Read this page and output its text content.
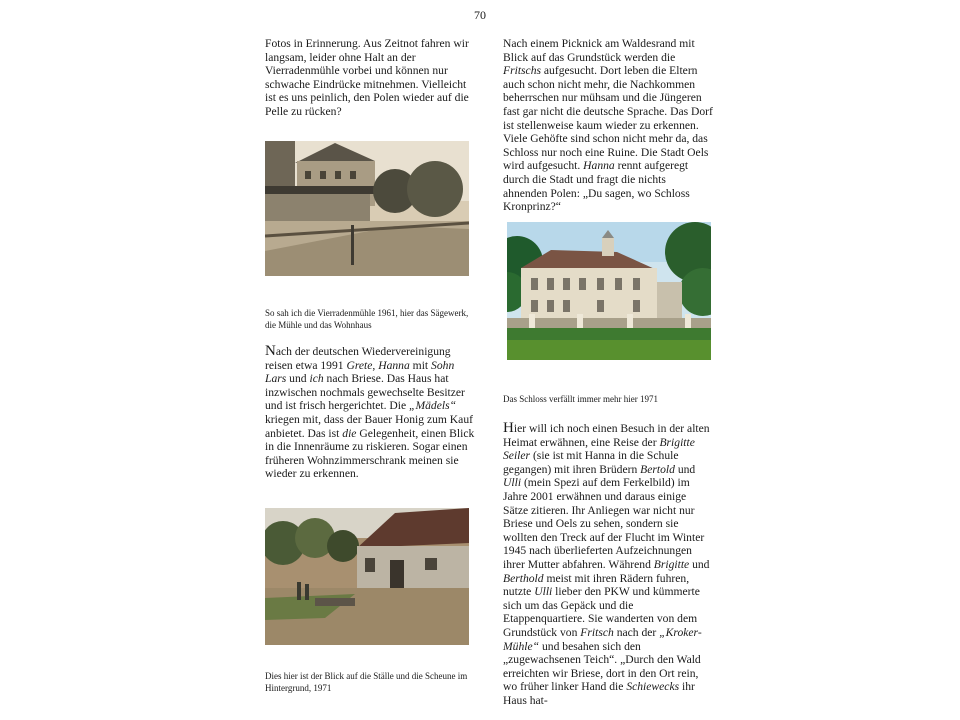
70

Fotos in Erinnerung. Aus Zeitnot fahren wir langsam, leider ohne Halt an der Vierradenmühle vorbei und können nur schwache Eindrücke mitnehmen. Vielleicht ist es uns peinlich, den Polen wieder auf die Pelle zu rücken?

So sah ich die Vierradenmühle 1961, hier das Sägewerk, die Mühle und das Wohnhaus

Nach der deutschen Wiedervereinigung reisen etwa 1991 Grete, Hanna mit Sohn Lars und ich nach Briese. Das Haus hat inzwischen nochmals gewechselte Besitzer und ist frisch hergerichtet. Die „Mädels“ kriegen mit, dass der Bauer Honig zum Kauf anbietet. Das ist die Gelegenheit, einen Blick in die Innenräume zu riskieren. Sogar einen früheren Wohnzimmerschrank meinen sie wieder zu erkennen.

Dies hier ist der Blick auf die Ställe und die Scheune im Hintergrund, 1971

Nach einem Picknick am Waldesrand mit Blick auf das Grundstück werden die Fritschs aufgesucht. Dort leben die Eltern auch schon nicht mehr, die Nachkommen beherrschen nur mühsam und die Jüngeren fast gar nicht die deutsche Sprache. Das Dorf ist stellenweise kaum wieder zu erkennen. Viele Gehöfte sind schon nicht mehr da, das Schloss nur noch eine Ruine. Die Stadt Oels wird aufgesucht. Hanna rennt aufgeregt durch die Stadt und fragt die nichts ahnenden Polen: „Du sagen, wo Schloss Kronprinz?“

Das Schloss verfällt immer mehr hier 1971

Hier will ich noch einen Besuch in der alten Heimat erwähnen, eine Reise der Brigitte Seiler (sie ist mit Hanna in die Schule gegangen) mit ihren Brüdern Bertold und Ulli (mein Spezi auf dem Ferkelbild) im Jahre 2001 erwähnen und daraus einige Sätze zitieren. Ihr Anliegen war nicht nur Briese und Oels zu sehen, sondern sie wollten den Treck auf der Flucht im Winter 1945 nach überlieferten Aufzeichnungen ihrer Mutter abfahren. Während Brigitte und Berthold meist mit ihren Rädern fuhren, nutzte Ulli lieber den PKW und kümmerte sich um das Gepäck und die Etappenquartiere. Sie wanderten von dem Grundstück von Fritsch nach der „Kroker-Mühle“ und besahen sich den „zugewachsenen Teich“. „Durch den Wald erreichten wir Briese, dort in den Ort rein, wo früher linker Hand die Schiewecks ihr Haus hat-
